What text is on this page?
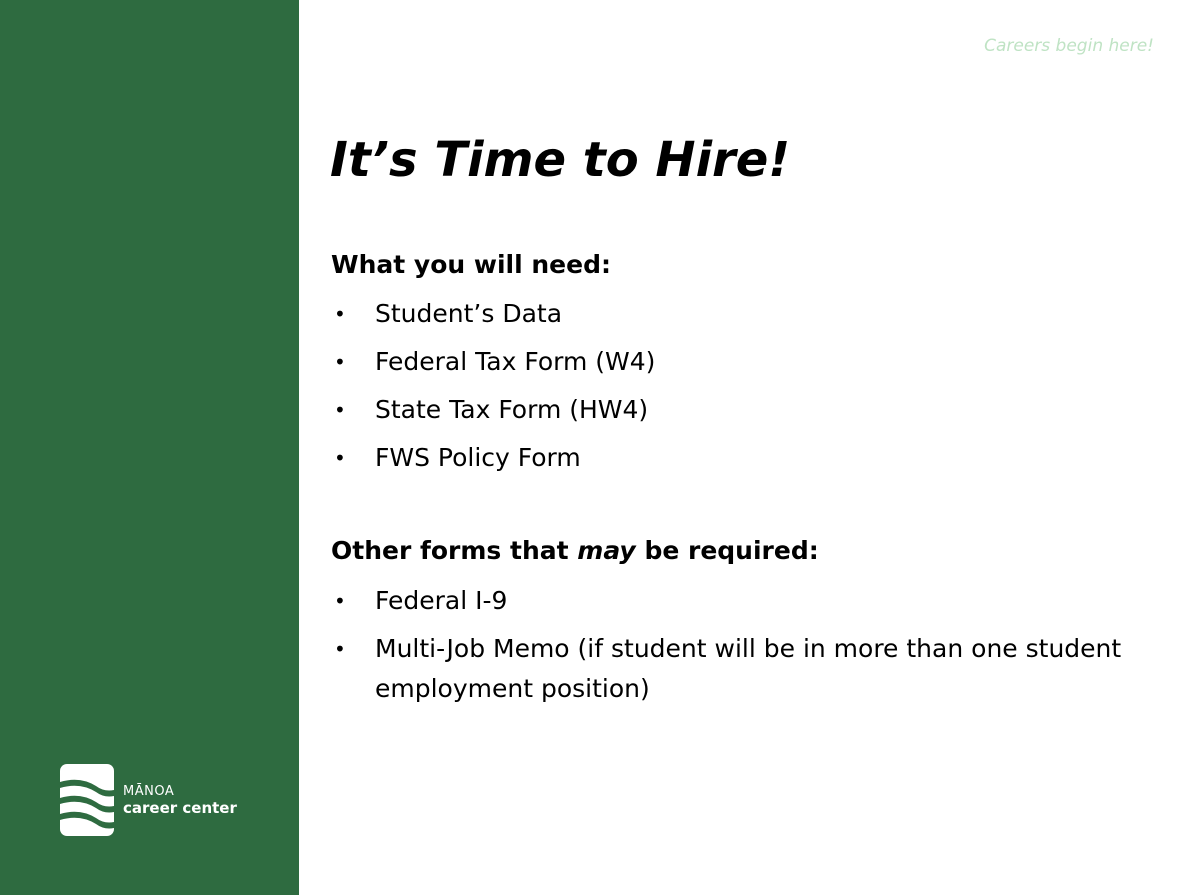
MĀNOA
career center
Careers begin here!
It’s Time to Hire!
What you will need:
• Student’s Data
• Federal Tax Form (W4)
• State Tax Form (HW4)
• FWS Policy Form
Other forms that may be required:
• Federal I-9
• Multi-Job Memo (if student will be in more than one student employment position)
